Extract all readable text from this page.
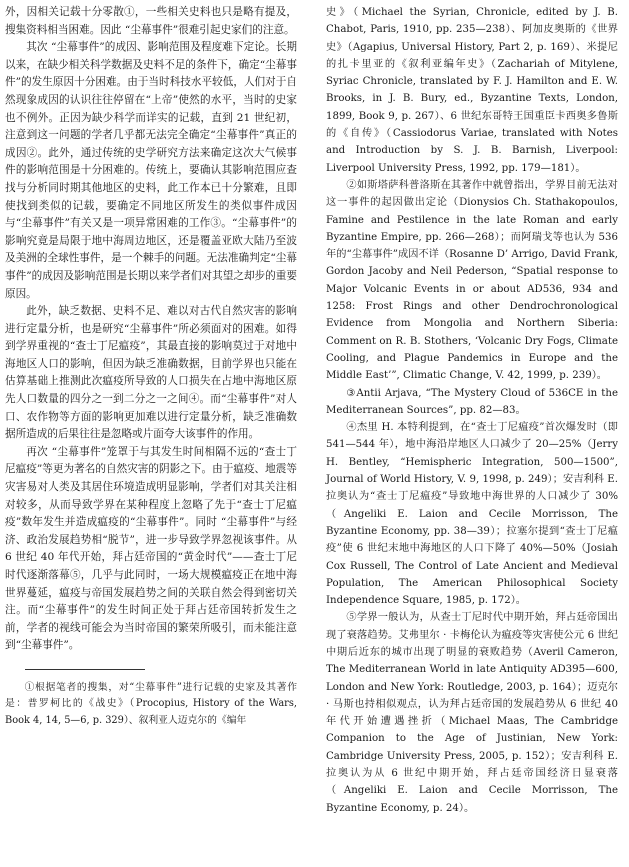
外，因相关记载十分零散①，一些相关史料也只是略有提及，搜集资料相当困难。因此 “尘幕事件”很难引起史家们的注意。

其次 “尘幕事件”的成因、影响范围及程度难下定论。长期以来，在缺少相关科学数据及史料不足的条件下，确定“尘幕事件”的发生原因十分困难。由于当时科技水平较低，人们对于自然现象成因的认识往往停留在“上帝”使然的水平，当时的史家也不例外。正因为缺少科学而详实的记载，直到 21 世纪初，注意到这一问题的学者几乎都无法完全确定“尘幕事件”真正的成因②。此外，通过传统的史学研究方法来确定这次大气候事件的影响范围是十分困难的。传统上，要确认其影响范围应查找与分析同时期其他地区的史料，此工作本已十分繁难，且即使找到类似的记载，要确定不同地区所发生的类似事件成因与“尘幕事件”有关又是一项异常困难的工作③。“尘幕事件”的影响究竟是局限于地中海周边地区，还是覆盖亚欧大陆乃至波及美洲的全球性事件，是一个棘手的问题。无法准确判定“尘幕事件”的成因及影响范围是长期以来学者们对其望之却步的重要原因。

此外，缺乏数据、史料不足、难以对古代自然灾害的影响进行定量分析，也是研究“尘幕事件”所必须面对的困难。如得到学界重视的“查士丁尼瘟疫”，其最直接的影响莫过于对地中海地区人口的影响，但因为缺乏准确数据，目前学界也只能在估算基础上推测此次瘟疫所导致的人口损失在占地中海地区原先人口数量的四分之一到二分之一之间④。而“尘幕事件”对人口、农作物等方面的影响更加难以进行定量分析，缺乏准确数据所造成的后果往往是忽略或片面夸大该事件的作用。

再次 “尘幕事件”笼罩于与其发生时间相隔不远的“查士丁尼瘟疫”等更为著名的自然灾害的阴影之下。由于瘟疫、地震等灾害易对人类及其居住环境造成明显影响，学者们对其关注相对较多，从而导致学界在某种程度上忽略了先于“查士丁尼瘟疫”数年发生并造成瘟疫的“尘幕事件”。同时 “尘幕事件”与经济、政治发展趋势相“脱节”，进一步导致学界忽视该事件。从 6 世纪 40 年代开始，拜占廷帝国的“黄金时代”——查士丁尼时代逐渐落幕⑤，几乎与此同时，一场大规模瘟疫正在地中海世界蔓延，瘟疫与帝国发展趋势之间的关联自然会得到密切关注。而“尘幕事件”的发生时间正处于拜占廷帝国转折发生之前，学者的视线可能会为当时帝国的繁荣所吸引，而未能注意到“尘幕事件”。

①根据笔者的搜集，对“尘幕事件”进行记载的史家及其著作是：普罗柯比的《战史》（Procopius, History of the Wars, Book 4, 14, 5—6, p. 329）、叙利亚人迈克尔的《编年

史》（Michael the Syrian, Chronicle, edited by J. B. Chabot, Paris, 1910, pp. 235—238）、阿加皮奥斯的《世界史》（Agapius, Universal History, Part 2, p. 169）、米提尼的扎卡里亚的《叙利亚编年史》（Zachariah of Mitylene, Syriac Chronicle, translated by F. J. Hamilton and E. W. Brooks, in J. B. Bury, ed., Byzantine Texts, London, 1899, Book 9, p. 267）、6 世纪东哥特王国重臣卡西奥多鲁斯的《自传》（Cassiodorus Variae, translated with Notes and Introduction by S. J. B. Barnish, Liverpool: Liverpool University Press, 1992, pp. 179—181）。

②如斯塔萨科普洛斯在其著作中就曾指出，学界目前无法对这一事件的起因做出定论（Dionysios Ch. Stathakopoulos, Famine and Pestilence in the late Roman and early Byzantine Empire, pp. 266—268）；而阿瑞戈等也认为 536 年的“尘幕事件”成因不详（Rosanne D’ Arrigo, David Frank, Gordon Jacoby and Neil Pederson, “Spatial response to Major Volcanic Events in or about AD536, 934 and 1258: Frost Rings and other Dendrochronological Evidence from Mongolia and Northern Siberia: Comment on R. B. Stothers, ‘Volcanic Dry Fogs, Climate Cooling, and Plague Pandemics in Europe and the Middle East’”, Climatic Change, V. 42, 1999, p. 239）。

③Antii Arjava, “The Mystery Cloud of 536CE in the Mediterranean Sources”, pp. 82—83。

④杰里 H. 本特利提到，在“查士丁尼瘟疫”首次爆发时（即 541—544 年），地中海沿岸地区人口减少了 20—25%（Jerry H. Bentley, “Hemispheric Integration, 500—1500”, Journal of World History, V. 9, 1998, p. 249）；安吉利科 E. 拉奥认为“查士丁尼瘟疫”导致地中海世界的人口减少了 30%（Angeliki E. Laion and Cecile Morrisson, The Byzantine Economy, pp. 38—39）；拉塞尔提到“查士丁尼瘟疫”使 6 世纪末地中海地区的人口下降了 40%—50%（Josiah Cox Russell, The Control of Late Ancient and Medieval Population, The American Philosophical Society Independence Square, 1985, p. 172）。

⑤学界一般认为，从查士丁尼时代中期开始，拜占廷帝国出现了衰落趋势。艾弗里尔 · 卡梅伦认为瘟疫等灾害使公元 6 世纪中期后近东的城市出现了明显的衰败趋势（Averil Cameron, The Mediterranean World in late Antiquity AD395—600, London and New York: Routledge, 2003, p. 164）；迈克尔 · 马斯也持相似观点，认为拜占廷帝国的发展趋势从 6 世纪 40 年代开始遭遇挫折（Michael Maas, The Cambridge Companion to the Age of Justinian, New York: Cambridge University Press, 2005, p. 152）；安吉利科 E. 拉奥认为从 6 世纪中期开始，拜占廷帝国经济日显衰落（Angeliki E. Laion and Cecile Morrisson, The Byzantine Economy, p. 24）。
